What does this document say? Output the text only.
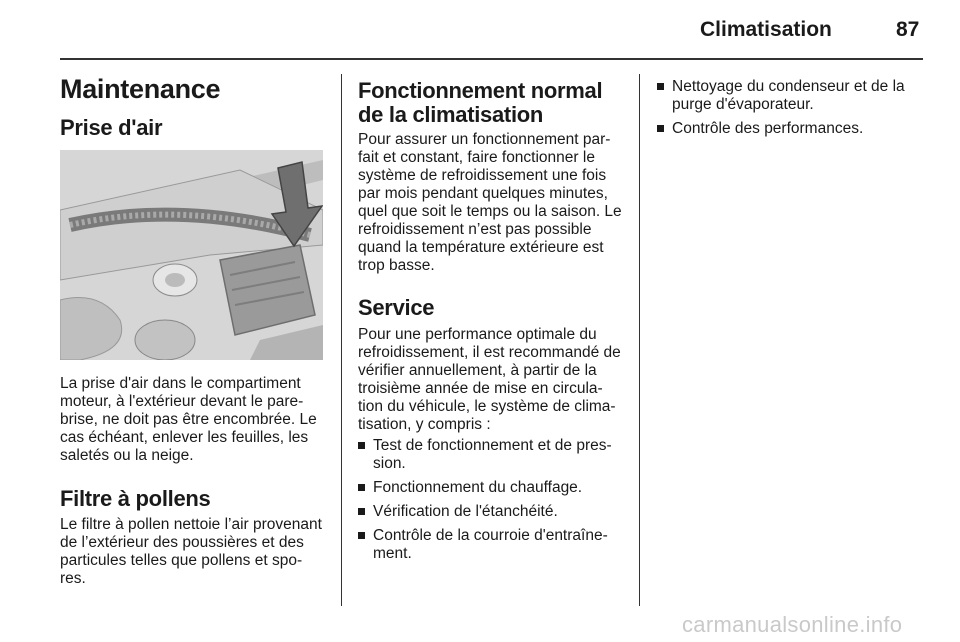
Climatisation	87
Maintenance
Prise d'air

La prise d'air dans le compartiment moteur, à l'extérieur devant le pare-brise, ne doit pas être encombrée. Le cas échéant, enlever les feuilles, les saletés ou la neige.

Filtre à pollens

Le filtre à pollen nettoie l’air provenant de l’extérieur des poussières et des particules telles que pollens et spo-res.

Fonctionnement normal de la climatisation

Pour assurer un fonctionnement par-fait et constant, faire fonctionner le système de refroidissement une fois par mois pendant quelques minutes, quel que soit le temps ou la saison. Le refroidissement n’est pas possible quand la température extérieure est trop basse.

Service

Pour une performance optimale du refroidissement, il est recommandé de vérifier annuellement, à partir de la troisième année de mise en circula-tion du véhicule, le système de clima-tisation, y compris :

Test de fonctionnement et de pres-sion.
Fonctionnement du chauffage.
Vérification de l'étanchéité.
Contrôle de la courroie d'entraîne-ment.
Nettoyage du condenseur et de la purge d'évaporateur.
Contrôle des performances.
carmanualsonline.info
